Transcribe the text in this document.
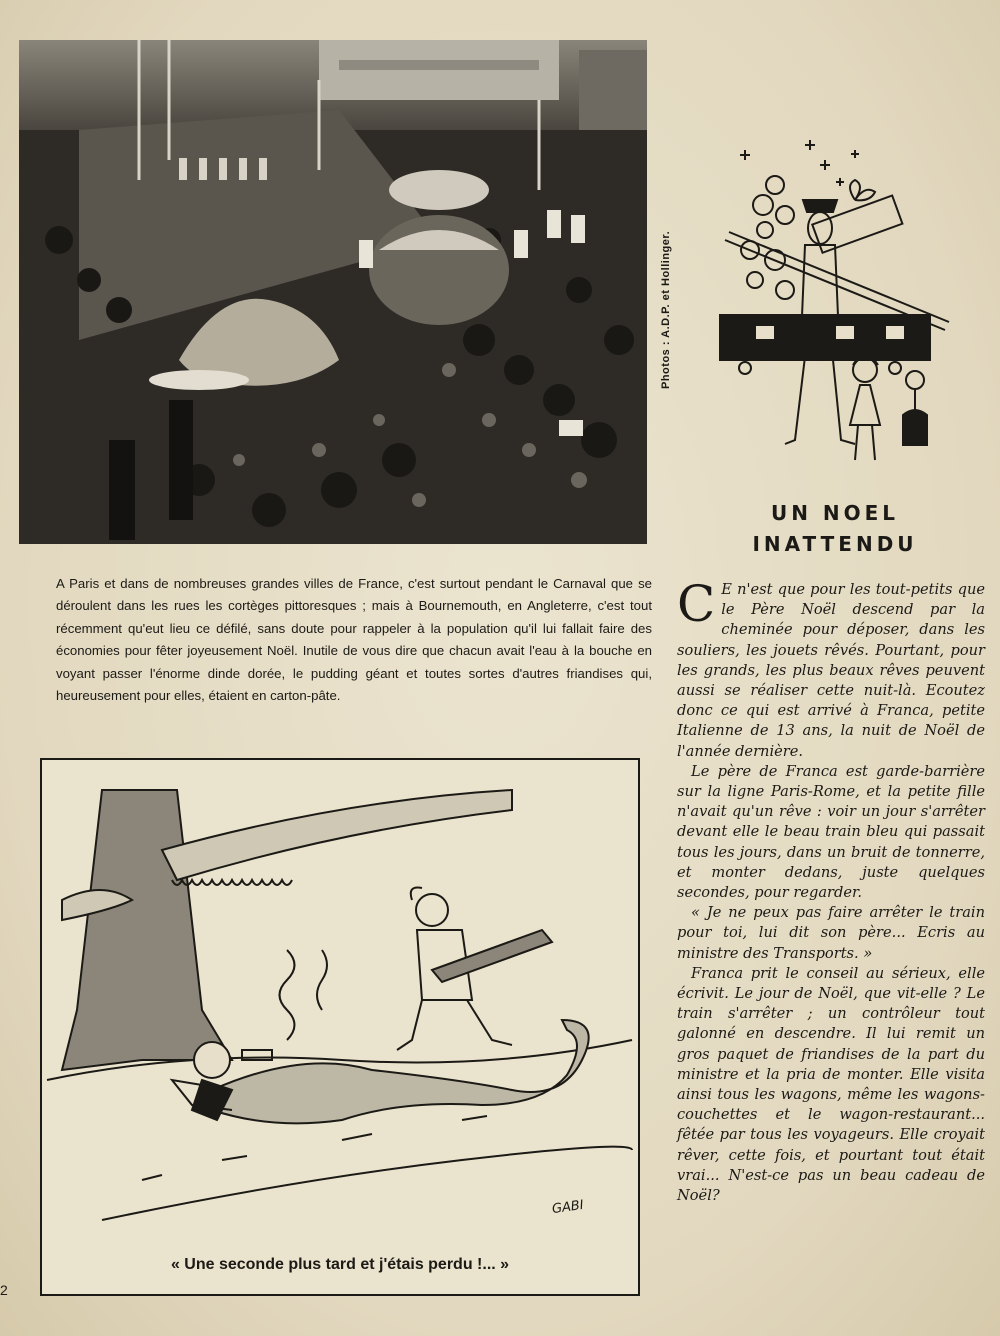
Photos : A.D.P. et Hollinger.
UN NOEL
INATTENDU
A Paris et dans de nombreuses grandes villes de France, c'est surtout pendant le Carnaval que se déroulent dans les rues les cortèges pittoresques ; mais à Bournemouth, en Angleterre, c'est tout récemment qu'eut lieu ce défilé, sans doute pour rappeler à la population qu'il lui fallait faire des économies pour fêter joyeusement Noël. Inutile de vous dire que chacun avait l'eau à la bouche en voyant passer l'énorme dinde dorée, le pudding géant et toutes sortes d'autres friandises qui, heureusement pour elles, étaient en carton-pâte.

C E n'est que pour les tout-petits que le Père Noël descend par la cheminée pour déposer, dans les souliers, les jouets rêvés. Pourtant, pour les grands, les plus beaux rêves peuvent aussi se réaliser cette nuit-là. Ecoutez donc ce qui est arrivé à Franca, petite Italienne de 13 ans, la nuit de Noël de l'année dernière.

Le père de Franca est garde-barrière sur la ligne Paris-Rome, et la petite fille n'avait qu'un rêve : voir un jour s'arrêter devant elle le beau train bleu qui passait tous les jours, dans un bruit de tonnerre, et monter dedans, juste quelques secondes, pour regarder.

« Je ne peux pas faire arrêter le train pour toi, lui dit son père... Ecris au ministre des Transports. »

Franca prit le conseil au sérieux, elle écrivit. Le jour de Noël, que vit-elle ? Le train s'arrêter ; un contrôleur tout galonné en descendre. Il lui remit un gros paquet de friandises de la part du ministre et la pria de monter. Elle visita ainsi tous les wagons, même les wagons-couchettes et le wagon-restaurant... fêtée par tous les voyageurs. Elle croyait rêver, cette fois, et pourtant tout était vrai... N'est-ce pas un beau cadeau de Noël?

GABI
« Une seconde plus tard et j'étais perdu !... »
2
